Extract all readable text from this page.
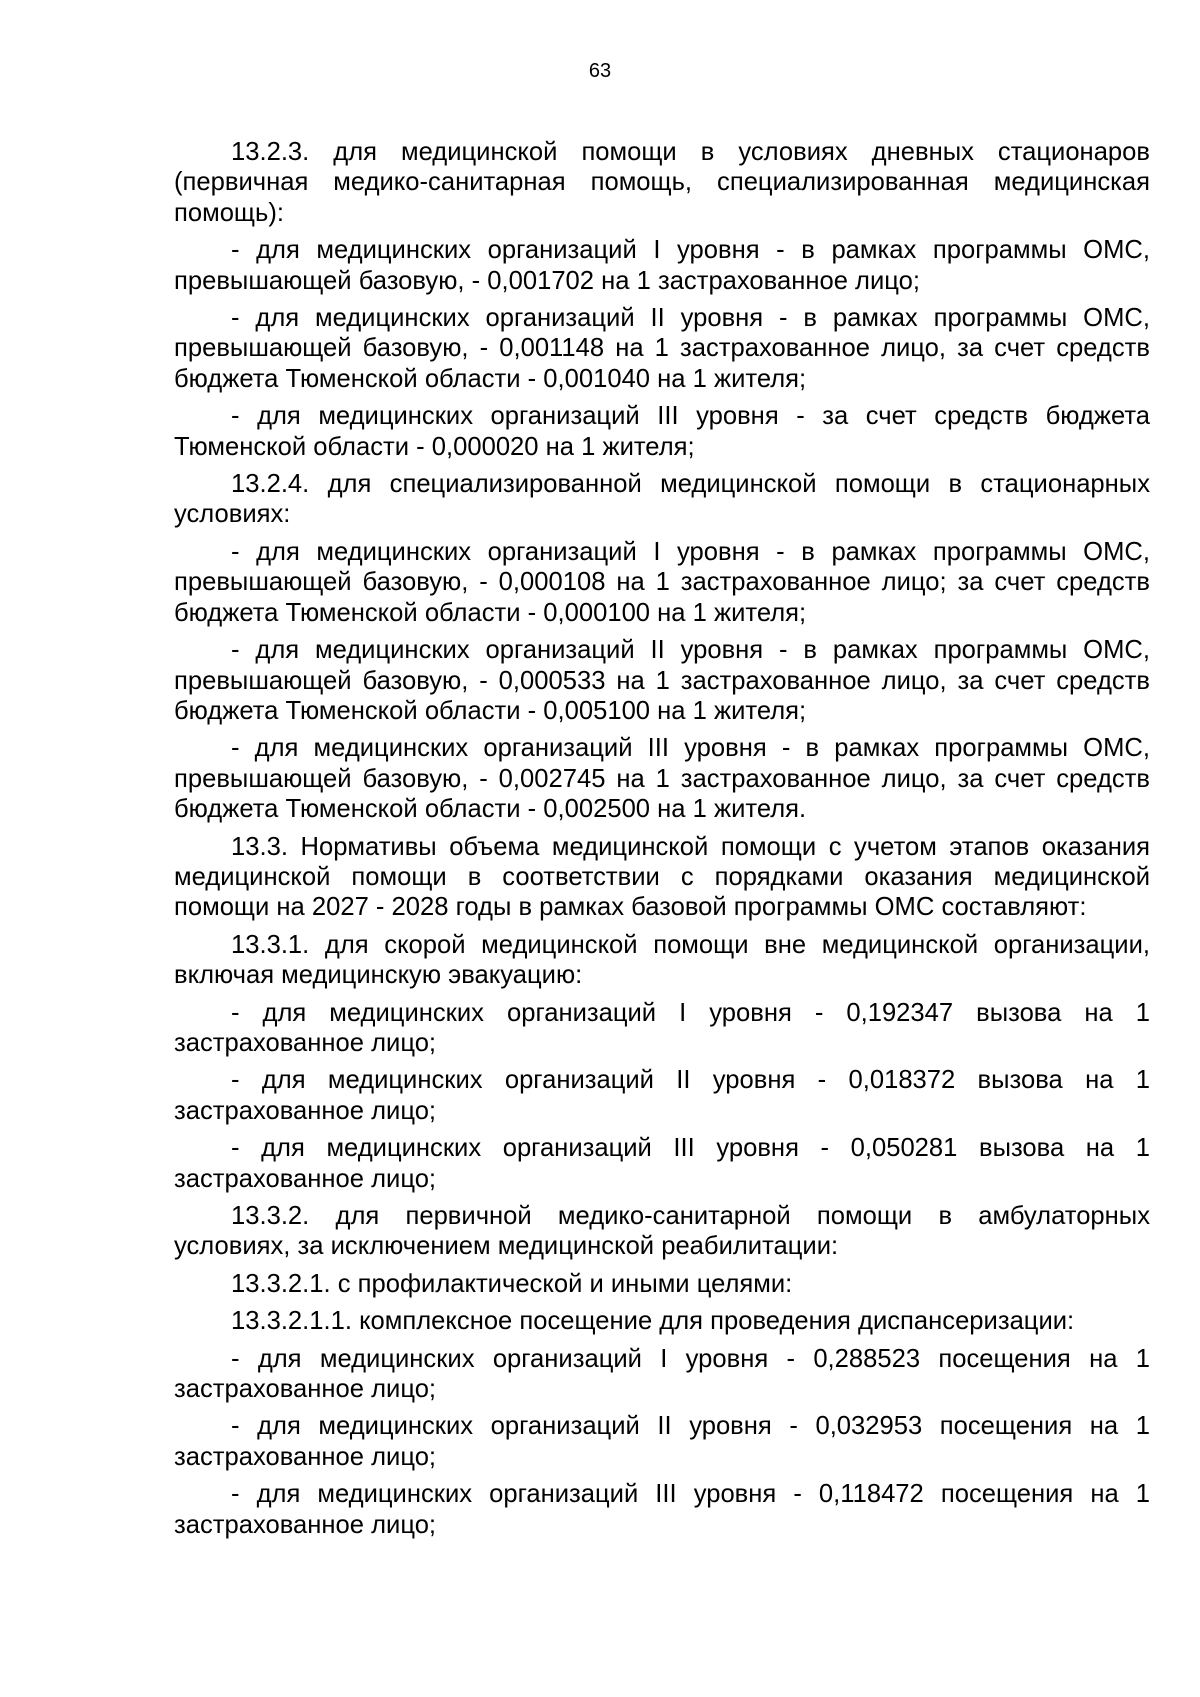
63

13.2.3. для медицинской помощи в условиях дневных стационаров (первичная медико-санитарная помощь, специализированная медицинская помощь):

- для медицинских организаций I уровня - в рамках программы ОМС, превышающей базовую, - 0,001702 на 1 застрахованное лицо;

- для медицинских организаций II уровня - в рамках программы ОМС, превышающей базовую, - 0,001148 на 1 застрахованное лицо, за счет средств бюджета Тюменской области - 0,001040 на 1 жителя;

- для медицинских организаций III уровня - за счет средств бюджета Тюменской области - 0,000020 на 1 жителя;

13.2.4. для специализированной медицинской помощи в стационарных условиях:

- для медицинских организаций I уровня - в рамках программы ОМС, превышающей базовую, - 0,000108 на 1 застрахованное лицо; за счет средств бюджета Тюменской области - 0,000100 на 1 жителя;

- для медицинских организаций II уровня - в рамках программы ОМС, превышающей базовую, - 0,000533 на 1 застрахованное лицо, за счет средств бюджета Тюменской области - 0,005100 на 1 жителя;

- для медицинских организаций III уровня - в рамках программы ОМС, превышающей базовую, - 0,002745 на 1 застрахованное лицо, за счет средств бюджета Тюменской области - 0,002500 на 1 жителя.

13.3. Нормативы объема медицинской помощи с учетом этапов оказания медицинской помощи в соответствии с порядками оказания медицинской помощи на 2027 - 2028 годы в рамках базовой программы ОМС составляют:

13.3.1. для скорой медицинской помощи вне медицинской организации, включая медицинскую эвакуацию:

- для медицинских организаций I уровня - 0,192347 вызова на 1 застрахованное лицо;

- для медицинских организаций II уровня - 0,018372 вызова на 1 застрахованное лицо;

- для медицинских организаций III уровня - 0,050281 вызова на 1 застрахованное лицо;

13.3.2. для первичной медико-санитарной помощи в амбулаторных условиях, за исключением медицинской реабилитации:

13.3.2.1. с профилактической и иными целями:

13.3.2.1.1. комплексное посещение для проведения диспансеризации:

- для медицинских организаций I уровня - 0,288523 посещения на 1 застрахованное лицо;

- для медицинских организаций II уровня - 0,032953 посещения на 1 застрахованное лицо;

- для медицинских организаций III уровня - 0,118472 посещения на 1 застрахованное лицо;
